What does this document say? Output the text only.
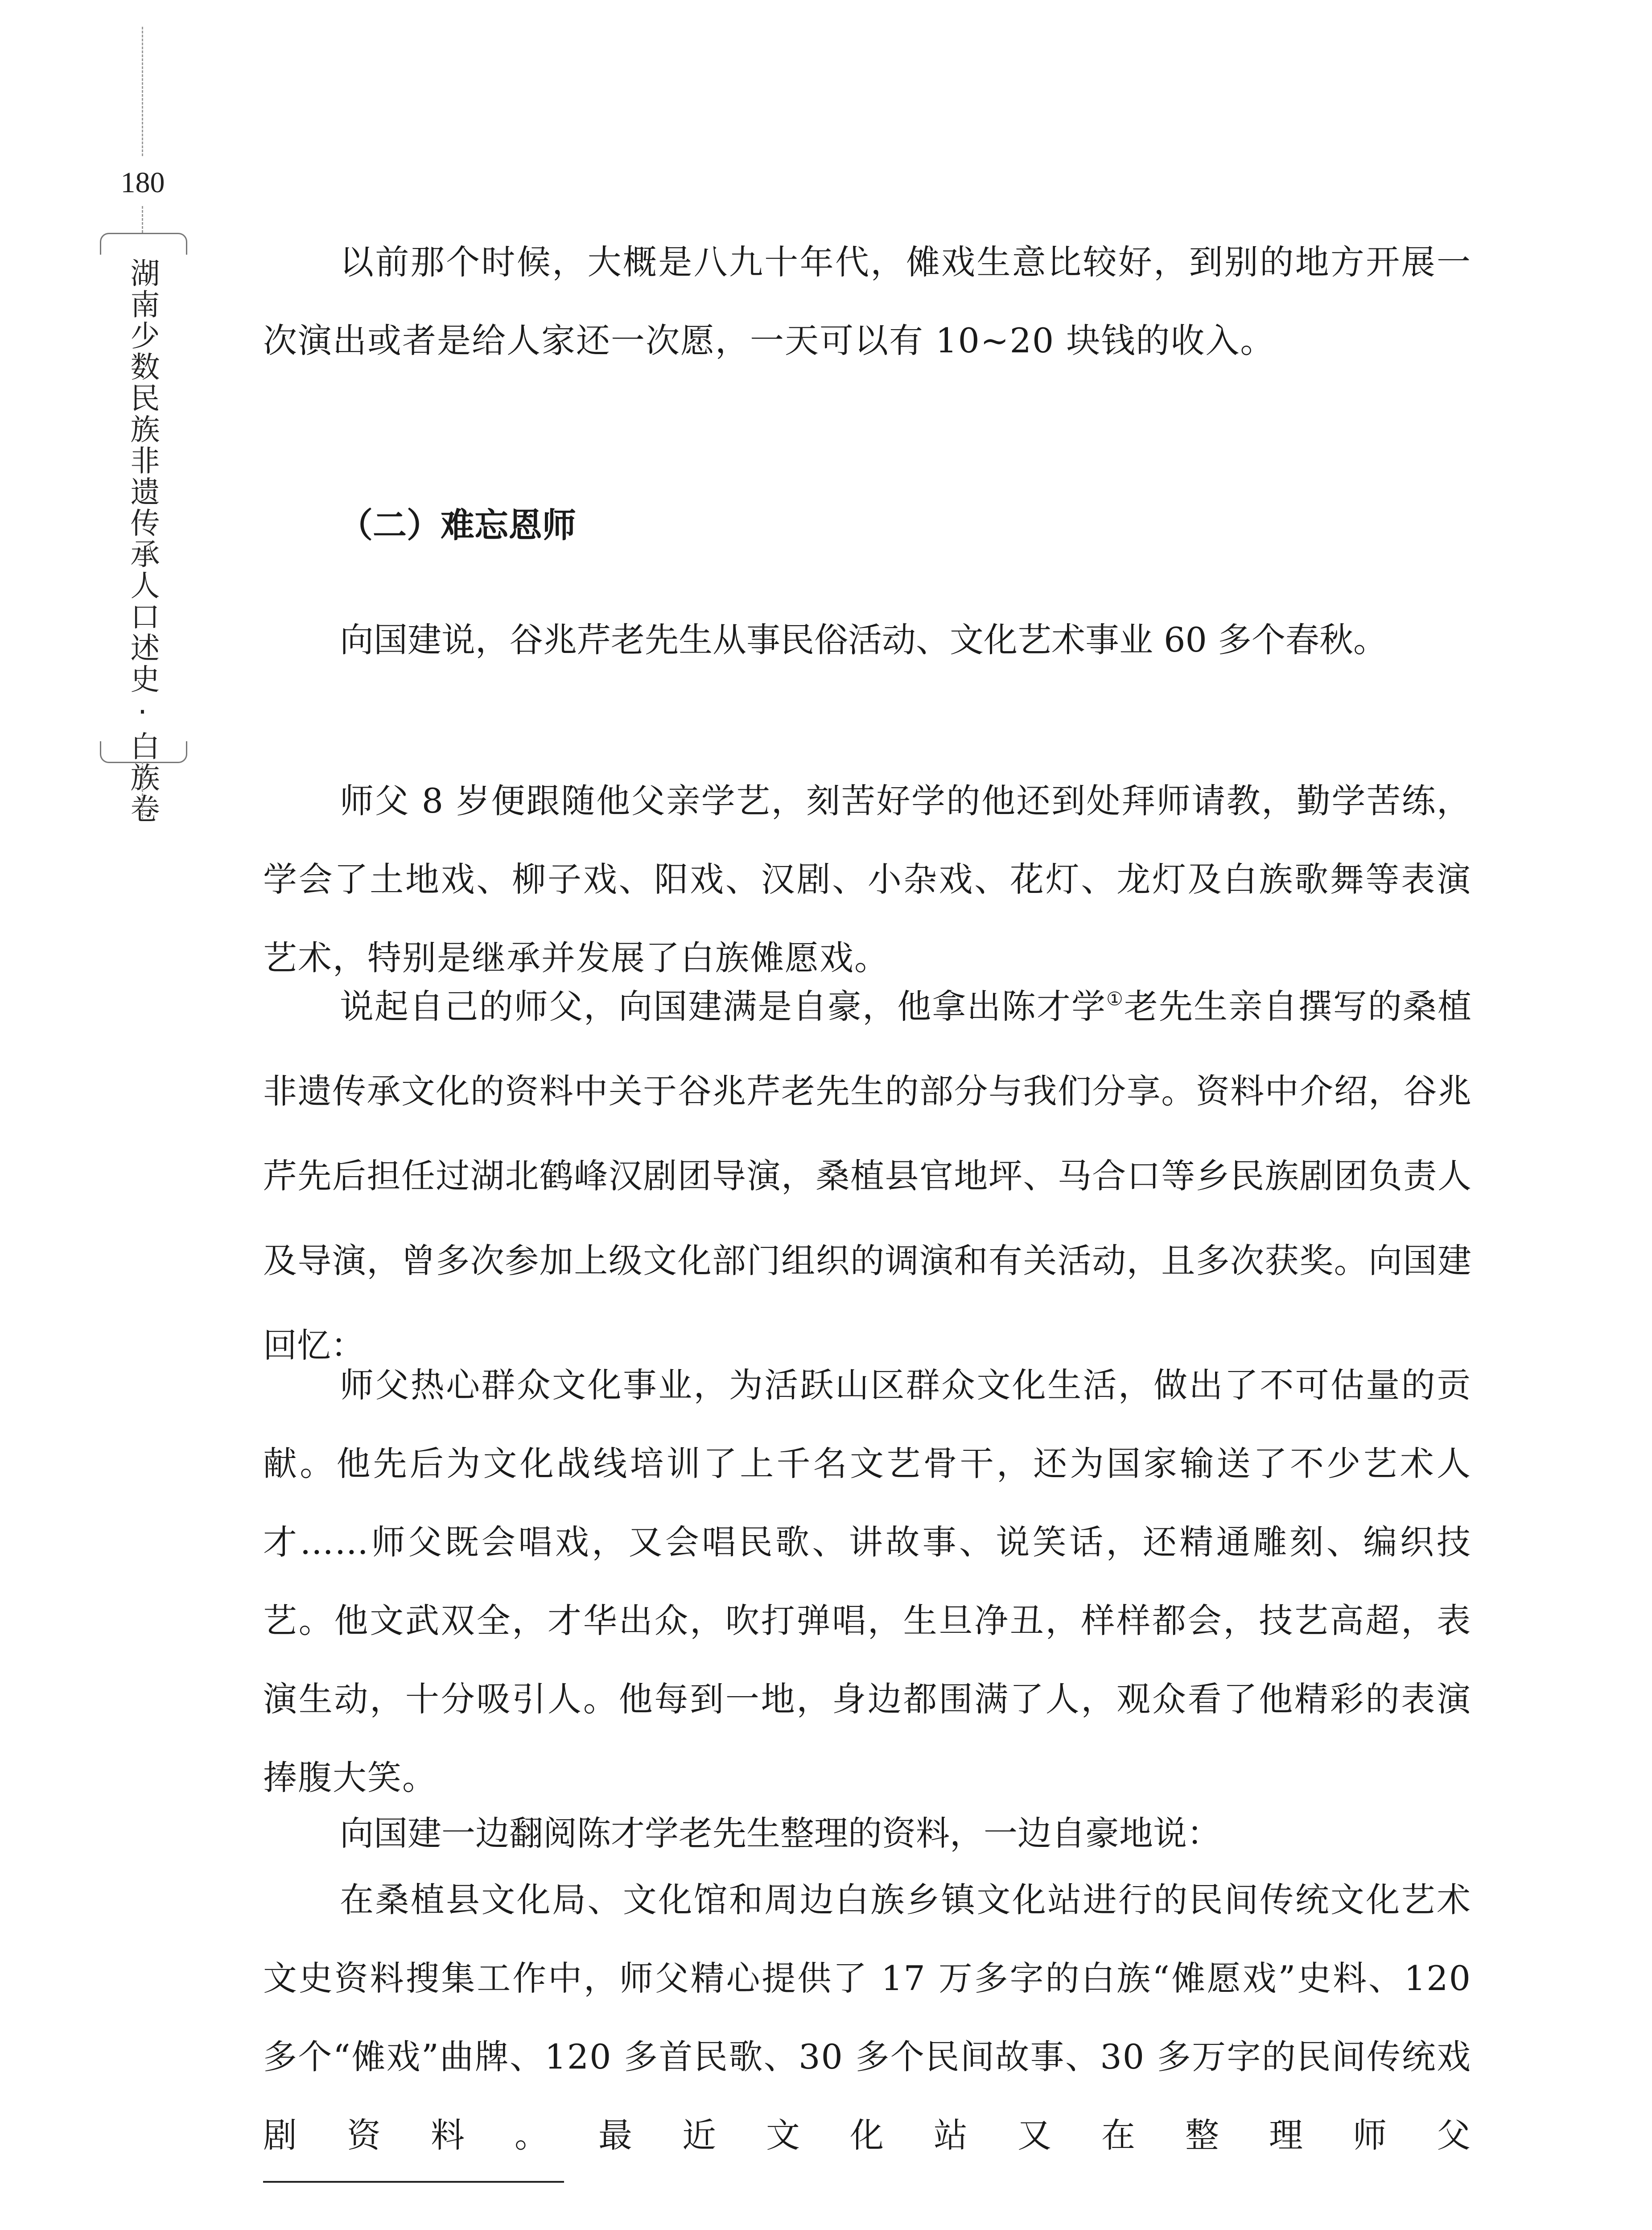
180
湖南少数民族非遗传承人口述史·白族卷	以前那个时候，大概是八九十年代，傩戏生意比较好，到别的地方开展一次演出或者是给人家还一次愿，一天可以有 10~20 块钱的收入。

（二）难忘恩师

向国建说，谷兆芹老先生从事民俗活动、文化艺术事业 60 多个春秋。

师父 8 岁便跟随他父亲学艺，刻苦好学的他还到处拜师请教，勤学苦练，学会了土地戏、柳子戏、阳戏、汉剧、小杂戏、花灯、龙灯及白族歌舞等表演艺术，特别是继承并发展了白族傩愿戏。

说起自己的师父，向国建满是自豪，他拿出陈才学①老先生亲自撰写的桑植非遗传承文化的资料中关于谷兆芹老先生的部分与我们分享。资料中介绍，谷兆芹先后担任过湖北鹤峰汉剧团导演，桑植县官地坪、马合口等乡民族剧团负责人及导演，曾多次参加上级文化部门组织的调演和有关活动，且多次获奖。向国建回忆：

师父热心群众文化事业，为活跃山区群众文化生活，做出了不可估量的贡献。他先后为文化战线培训了上千名文艺骨干，还为国家输送了不少艺术人才……师父既会唱戏，又会唱民歌、讲故事、说笑话，还精通雕刻、编织技艺。他文武双全，才华出众，吹打弹唱，生旦净丑，样样都会，技艺高超，表演生动，十分吸引人。他每到一地，身边都围满了人，观众看了他精彩的表演捧腹大笑。

向国建一边翻阅陈才学老先生整理的资料，一边自豪地说：

在桑植县文化局、文化馆和周边白族乡镇文化站进行的民间传统文化艺术文史资料搜集工作中，师父精心提供了 17 万多字的白族“傩愿戏”史料、120 多个“傩戏”曲牌、120 多首民歌、30 多个民间故事、30 多万字的民间传统戏剧资料。最近文化站又在整理师父
